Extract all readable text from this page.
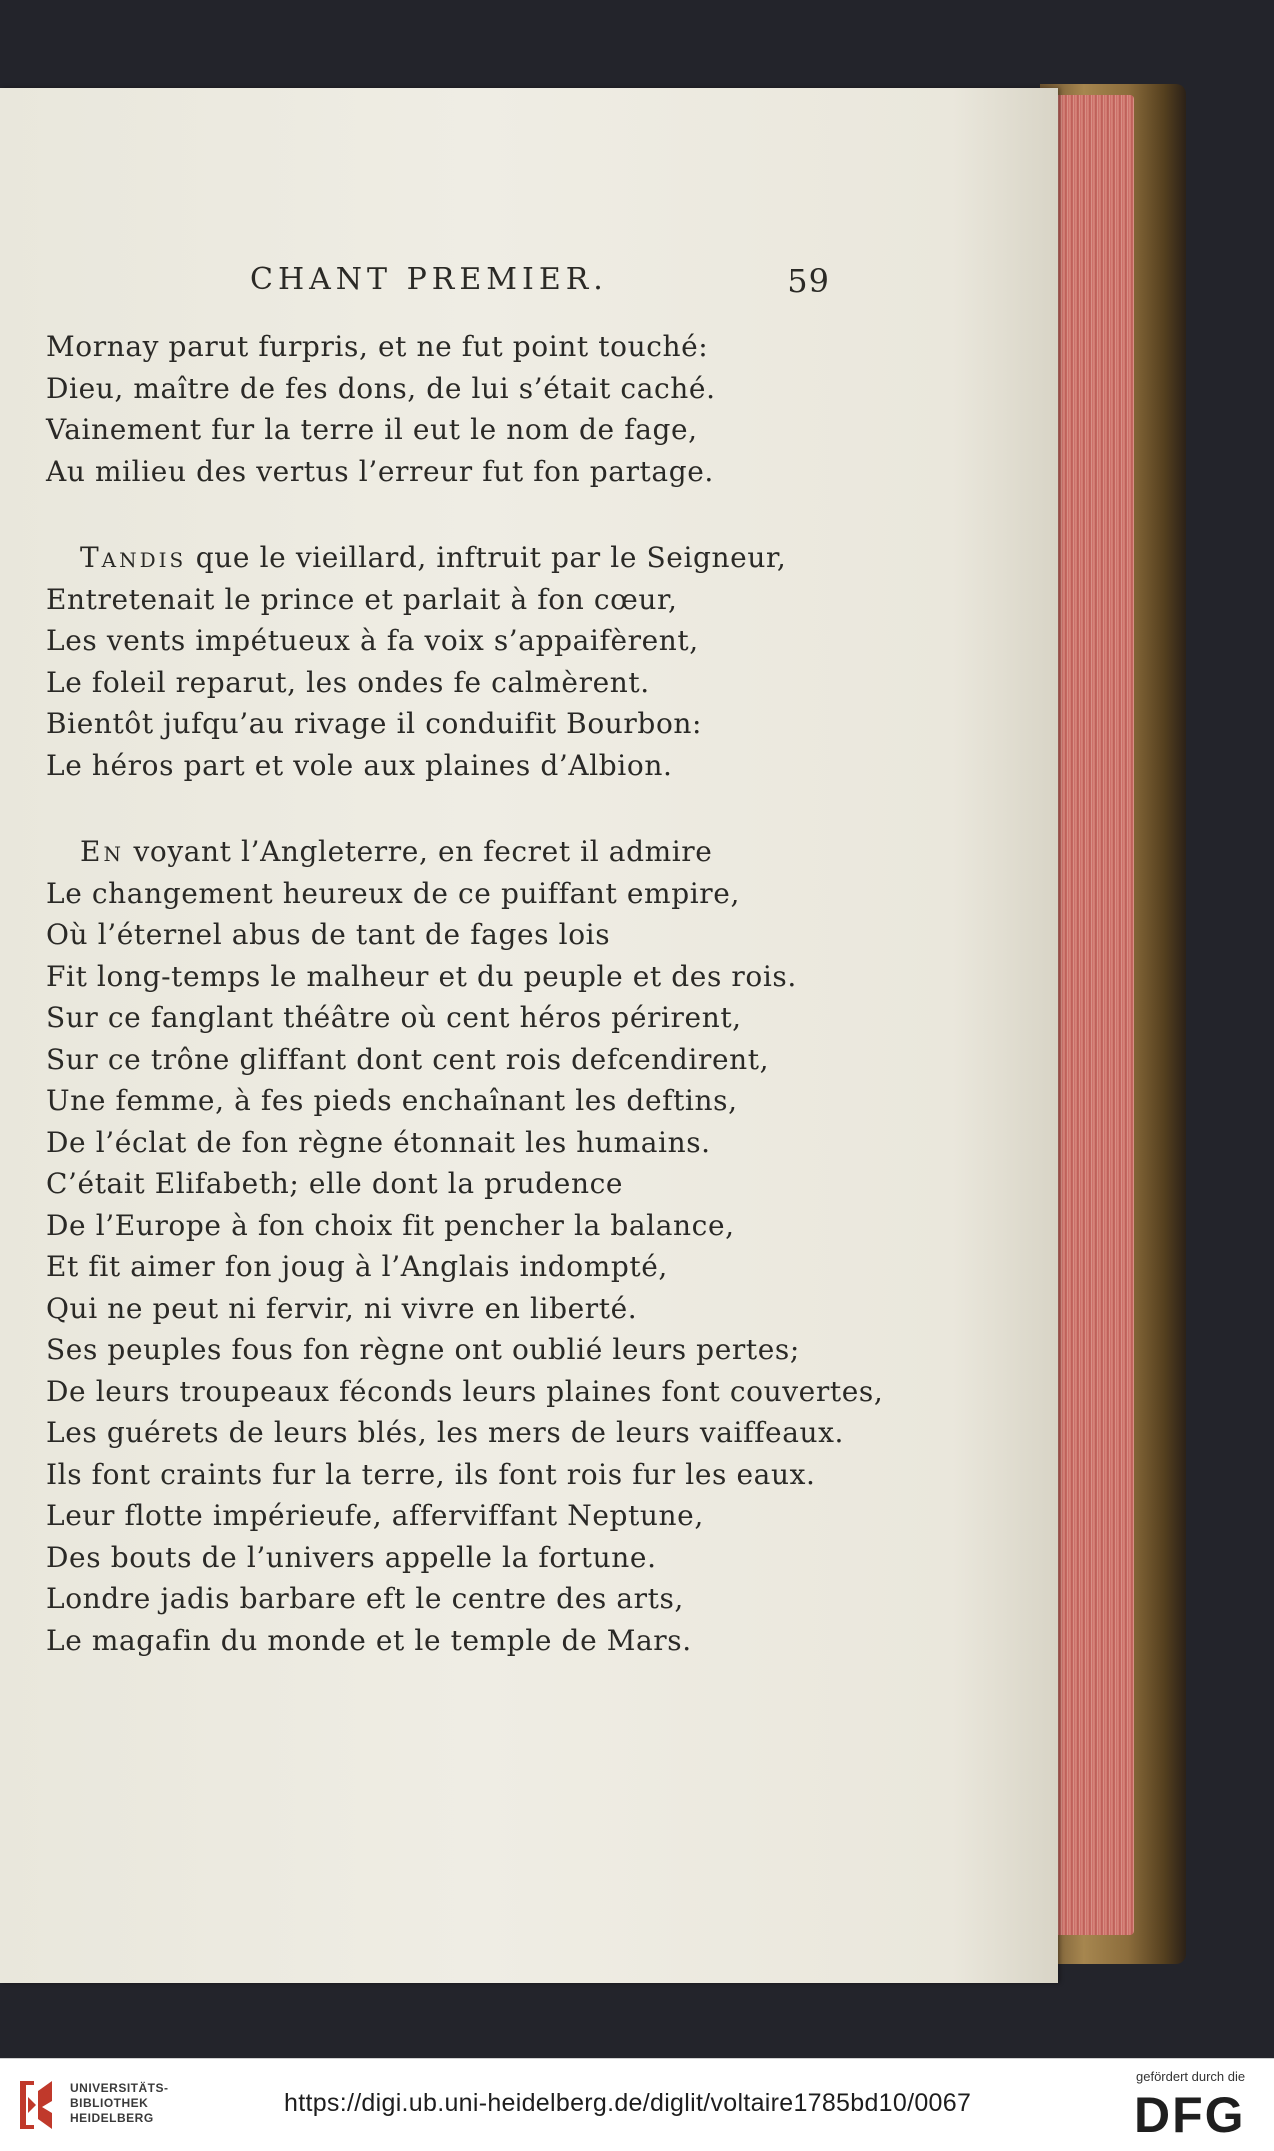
CHANT PREMIER.	59
Mornay parut furpris, et ne fut point touché:
Dieu, maître de fes dons, de lui s’était caché.
Vainement fur la terre il eut le nom de fage,
Au milieu des vertus l’erreur fut fon partage.
Tandis que le vieillard, inftruit par le Seigneur,
Entretenait le prince et parlait à fon cœur,
Les vents impétueux à fa voix s’appaifèrent,
Le foleil reparut, les ondes fe calmèrent.
Bientôt jufqu’au rivage il conduifit Bourbon:
Le héros part et vole aux plaines d’Albion.
En voyant l’Angleterre, en fecret il admire
Le changement heureux de ce puiffant empire,
Où l’éternel abus de tant de fages lois
Fit long-temps le malheur et du peuple et des rois.
Sur ce fanglant théâtre où cent héros périrent,
Sur ce trône gliffant dont cent rois defcendirent,
Une femme, à fes pieds enchaînant les deftins,
De l’éclat de fon règne étonnait les humains.
C’était Elifabeth; elle dont la prudence
De l’Europe à fon choix fit pencher la balance,
Et fit aimer fon joug à l’Anglais indompté,
Qui ne peut ni fervir, ni vivre en liberté.
Ses peuples fous fon règne ont oublié leurs pertes;
De leurs troupeaux féconds leurs plaines font couvertes,
Les guérets de leurs blés, les mers de leurs vaiffeaux.
Ils font craints fur la terre, ils font rois fur les eaux.
Leur flotte impérieufe, afferviffant Neptune,
Des bouts de l’univers appelle la fortune.
Londre jadis barbare eft le centre des arts,
Le magafin du monde et le temple de Mars.
UNIVERSITÄTS-
BIBLIOTHEK
HEIDELBERG
https://digi.ub.uni-heidelberg.de/diglit/voltaire1785bd10/0067
gefördert durch die
DFG
